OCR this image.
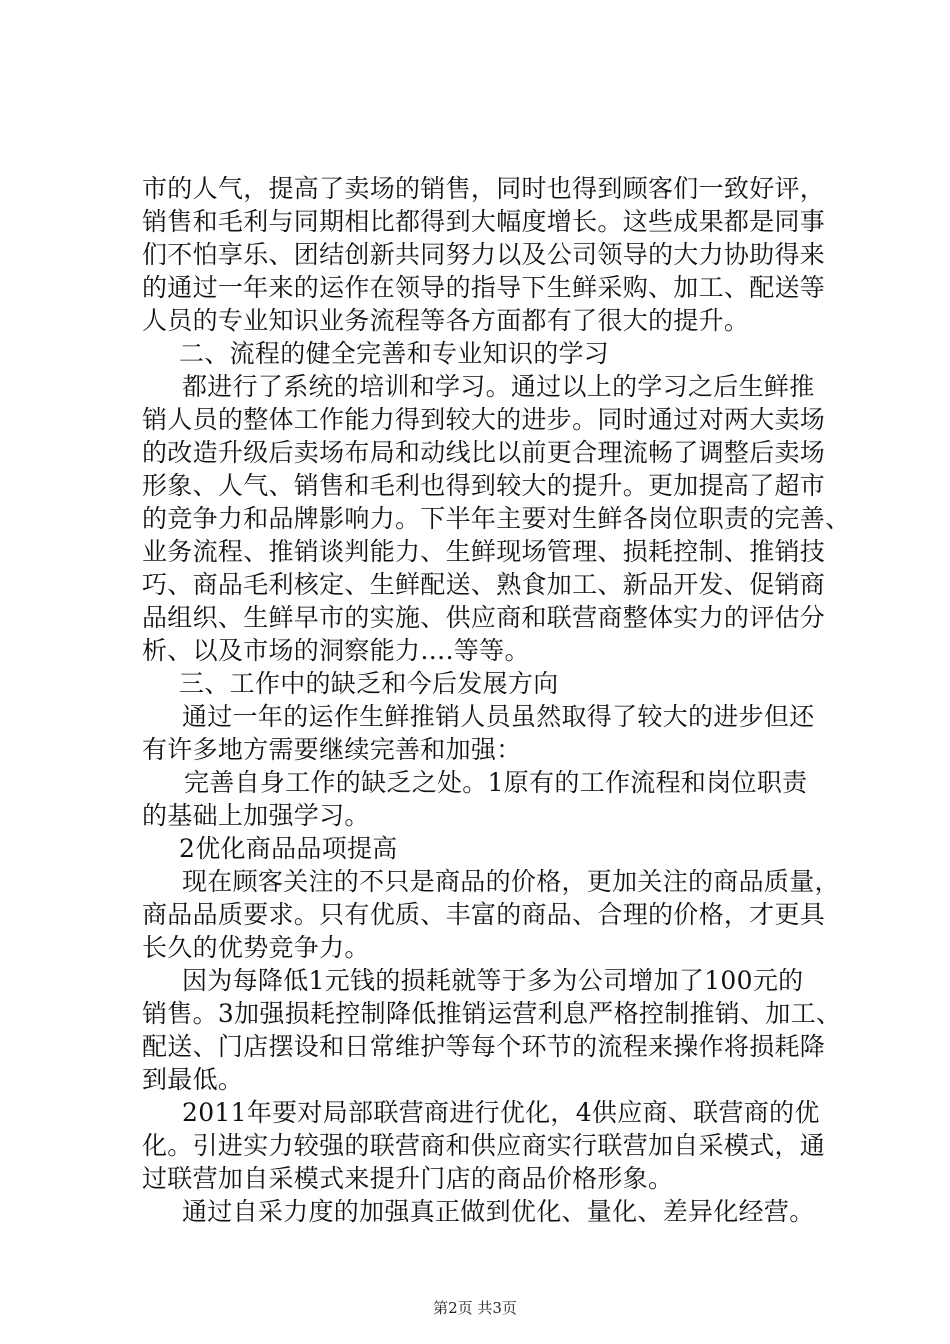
市的人气，提高了卖场的销售，同时也得到顾客们一致好评，
销售和毛利与同期相比都得到大幅度增长。这些成果都是同事
们不怕享乐、团结创新共同努力以及公司领导的大力协助得来
的通过一年来的运作在领导的指导下生鲜采购、加工、配送等
人员的专业知识业务流程等各方面都有了很大的提升。
二、流程的健全完善和专业知识的学习
都进行了系统的培训和学习。通过以上的学习之后生鲜推
销人员的整体工作能力得到较大的进步。同时通过对两大卖场
的改造升级后卖场布局和动线比以前更合理流畅了调整后卖场
形象、人气、销售和毛利也得到较大的提升。更加提高了超市
的竞争力和品牌影响力。下半年主要对生鲜各岗位职责的完善、
业务流程、推销谈判能力、生鲜现场管理、损耗控制、推销技
巧、商品毛利核定、生鲜配送、熟食加工、新品开发、促销商
品组织、生鲜早市的实施、供应商和联营商整体实力的评估分
析、以及市场的洞察能力….等等。
三、工作中的缺乏和今后发展方向
通过一年的运作生鲜推销人员虽然取得了较大的进步但还
有许多地方需要继续完善和加强：
完善自身工作的缺乏之处。1原有的工作流程和岗位职责
的基础上加强学习。
2优化商品品项提高
现在顾客关注的不只是商品的价格，更加关注的商品质量，
商品品质要求。只有优质、丰富的商品、合理的价格，才更具
长久的优势竞争力。
因为每降低1元钱的损耗就等于多为公司增加了100元的
销售。3加强损耗控制降低推销运营利息严格控制推销、加工、
配送、门店摆设和日常维护等每个环节的流程来操作将损耗降
到最低。
2011年要对局部联营商进行优化，4供应商、联营商的优
化。引进实力较强的联营商和供应商实行联营加自采模式，通
过联营加自采模式来提升门店的商品价格形象。
通过自采力度的加强真正做到优化、量化、差异化经营。
第2页 共3页
